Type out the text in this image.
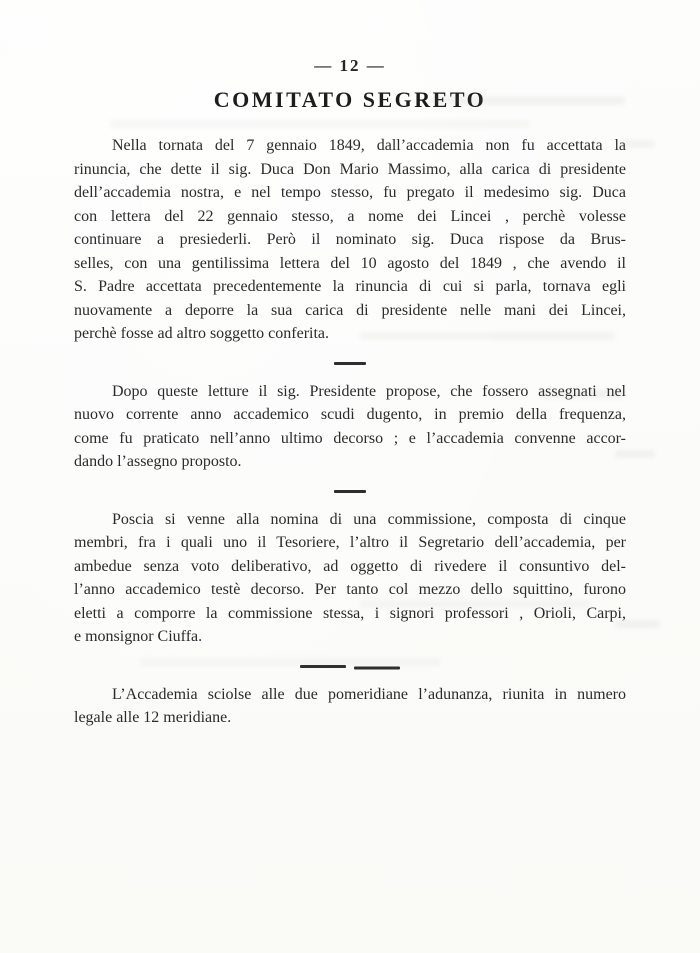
— 12 —
COMITATO SEGRETO
Nella tornata del 7 gennaio 1849, dall’accademia non fu accettata la
rinuncia, che dette il sig. Duca Don Mario Massimo, alla carica di presidente
dell’accademia nostra, e nel tempo stesso, fu pregato il medesimo sig. Duca
con lettera del 22 gennaio stesso, a nome dei Lincei , perchè volesse
continuare a presiederli. Però il nominato sig. Duca rispose da Brus-
selles, con una gentilissima lettera del 10 agosto del 1849 , che avendo il
S. Padre accettata precedentemente la rinuncia di cui si parla, tornava egli
nuovamente a deporre la sua carica di presidente nelle mani dei Lincei,
perchè fosse ad altro soggetto conferita.
Dopo queste letture il sig. Presidente propose, che fossero assegnati nel
nuovo corrente anno accademico scudi dugento, in premio della frequenza,
come fu praticato nell’anno ultimo decorso ; e l’accademia convenne accor-
dando l’assegno proposto.
Poscia si venne alla nomina di una commissione, composta di cinque
membri, fra i quali uno il Tesoriere, l’altro il Segretario dell’accademia, per
ambedue senza voto deliberativo, ad oggetto di rivedere il consuntivo del-
l’anno accademico testè decorso. Per tanto col mezzo dello squittino, furono
eletti a comporre la commissione stessa, i signori professori , Orioli, Carpi,
e monsignor Ciuffa.
L’Accademia sciolse alle due pomeridiane l’adunanza, riunita in numero
legale alle 12 meridiane.
